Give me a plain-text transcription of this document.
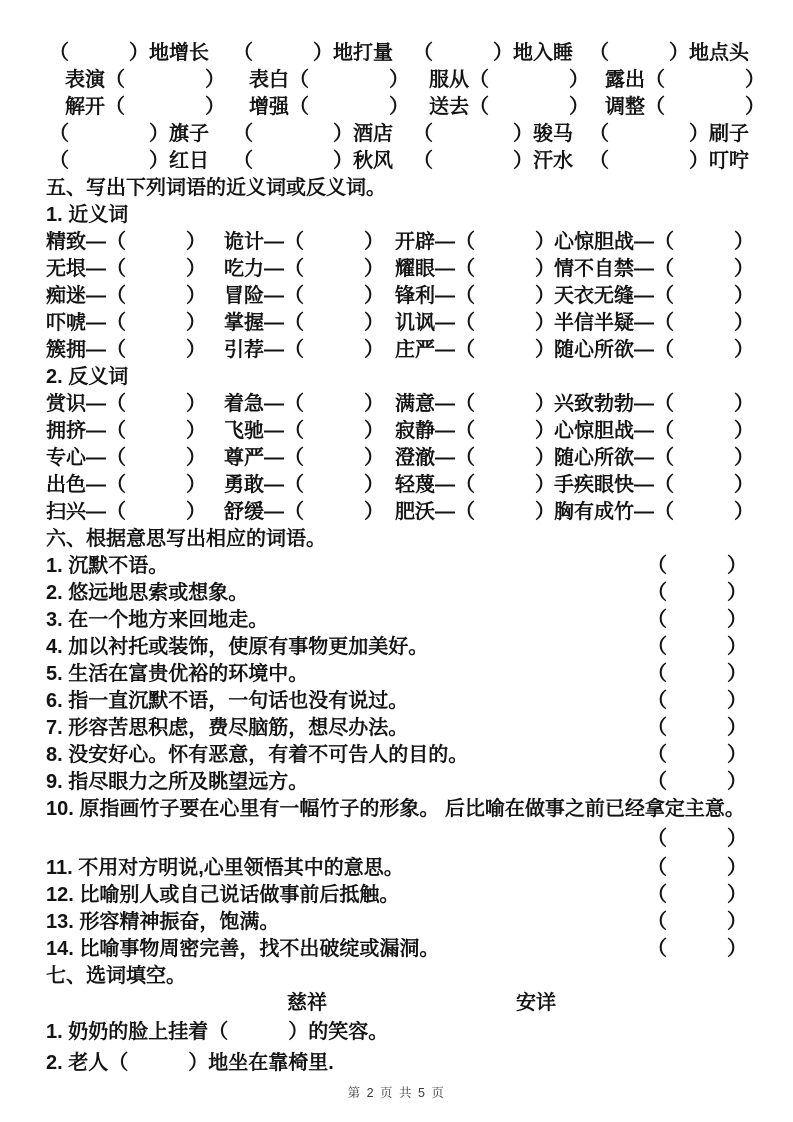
（　　　）地增长	（　　　）地打量	（　　　）地入睡 （　　　）地点头
表演（　　　　）	表白（　　　　）	服从（　　　　） 露出（　　　　）
解开（　　　　）	增强（　　　　）	送去（　　　　） 调整（　　　　）
（　　　　）旗子	（　　　　）酒店	（　　　　）骏马 （　　　　）刷子
（　　　　）红日	（　　　　）秋风	（　　　　）汗水 （　　　　）叮咛
五、写出下列词语的近义词或反义词。
1. 近义词
精致—（　　　） 诡计—（　　　） 开辟—（　　　） 心惊胆战—（　　　）
无垠—（　　　） 吃力—（　　　） 耀眼—（　　　） 情不自禁—（　　　）
痴迷—（　　　） 冒险—（　　　） 锋利—（　　　） 天衣无缝—（　　　）
吓唬—（　　　） 掌握—（　　　） 讥讽—（　　　） 半信半疑—（　　　）
簇拥—（　　　） 引荐—（　　　） 庄严—（　　　） 随心所欲—（　　　）
2. 反义词
赏识—（　　　） 着急—（　　　） 满意—（　　　） 兴致勃勃—（　　　）
拥挤—（　　　） 飞驰—（　　　） 寂静—（　　　） 心惊胆战—（　　　）
专心—（　　　） 尊严—（　　　） 澄澈—（　　　） 随心所欲—（　　　）
出色—（　　　） 勇敢—（　　　） 轻蔑—（　　　） 手疾眼快—（　　　）
扫兴—（　　　） 舒缓—（　　　） 肥沃—（　　　） 胸有成竹—（　　　）
六、根据意思写出相应的词语。
1. 沉默不语。	（　　　）
2. 悠远地思索或想象。	（　　　）
3. 在一个地方来回地走。	（　　　）
4. 加以衬托或装饰，使原有事物更加美好。	（　　　）
5. 生活在富贵优裕的环境中。	（　　　）
6. 指一直沉默不语，一句话也没有说过。	（　　　）
7. 形容苦思积虑，费尽脑筋，想尽办法。	（　　　）
8. 没安好心。怀有恶意，有着不可告人的目的。	（　　　）
9. 指尽眼力之所及眺望远方。	（　　　）
10. 原指画竹子要在心里有一幅竹子的形象。 后比喻在做事之前已经拿定主意。
（　　　）
11. 不用对方明说,心里领悟其中的意思。	（　　　）
12. 比喻别人或自己说话做事前后抵触。	（　　　）
13. 形容精神振奋，饱满。	（　　　）
14. 比喻事物周密完善，找不出破绽或漏洞。	（　　　）
七、选词填空。
慈祥	安详
1. 奶奶的脸上挂着（　　　）的笑容。
2. 老人（　　　）地坐在靠椅里.
第 2 页 共 5 页
